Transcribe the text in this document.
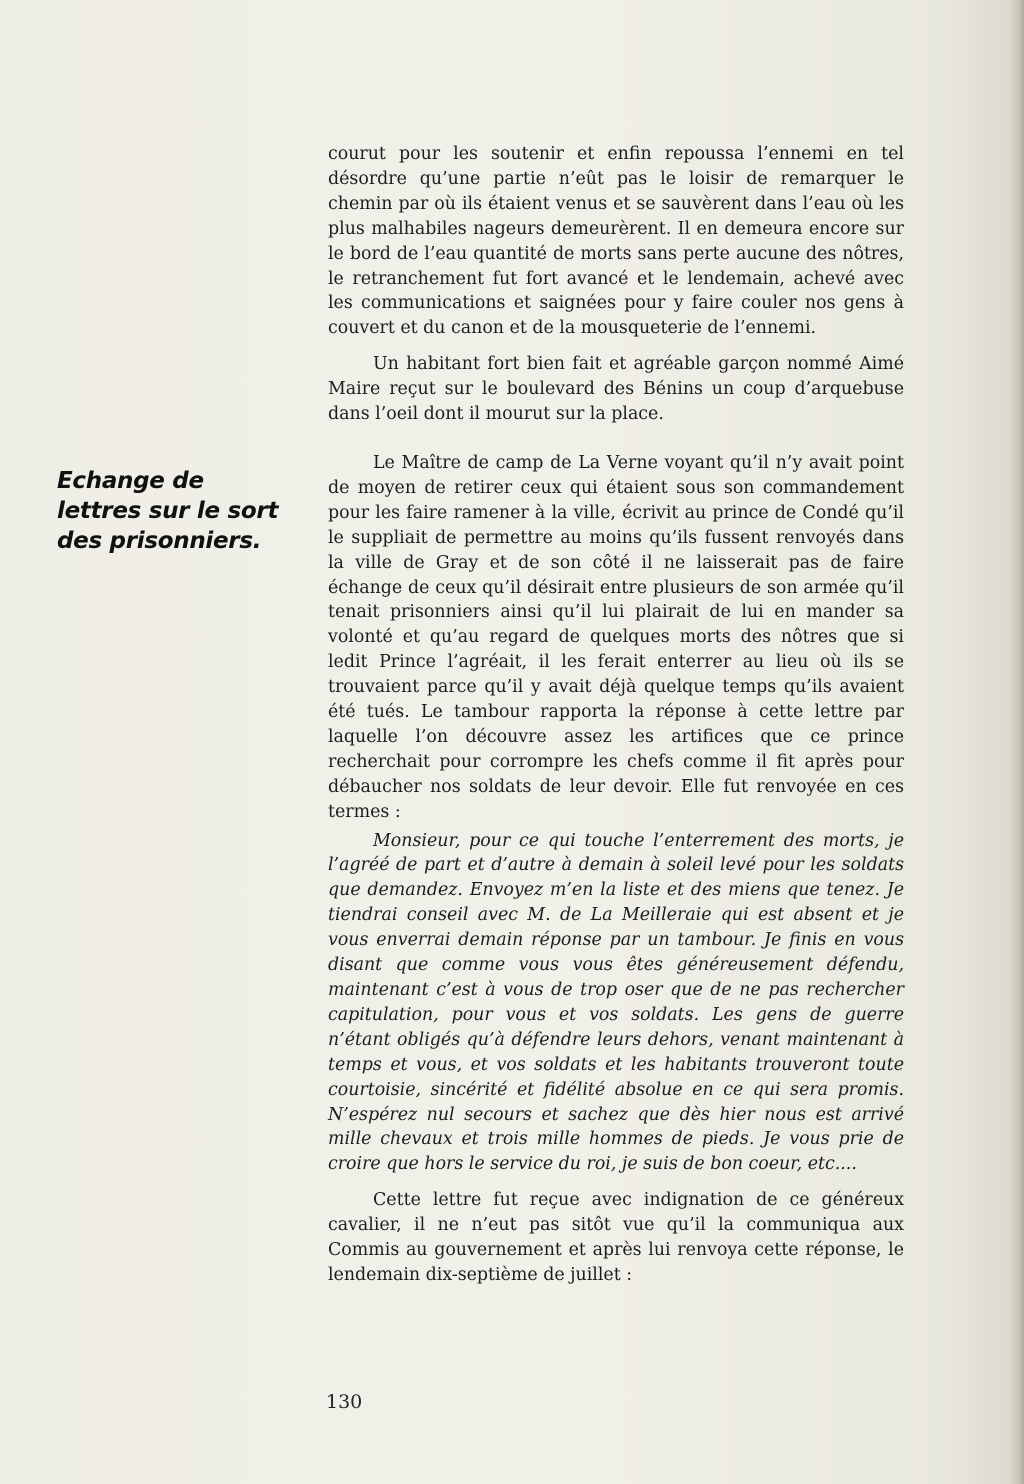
Echange de
lettres sur le sort
des prisonniers.

courut pour les soutenir et enfin repoussa l’ennemi en tel désordre qu’une partie n’eût pas le loisir de remarquer le chemin par où ils étaient venus et se sauvèrent dans l’eau où les plus malhabiles nageurs demeurèrent. Il en demeura encore sur le bord de l’eau quantité de morts sans perte aucune des nôtres, le retranchement fut fort avancé et le lendemain, achevé avec les communications et saignées pour y faire couler nos gens à couvert et du canon et de la mousqueterie de l’ennemi.

Un habitant fort bien fait et agréable garçon nommé Aimé Maire reçut sur le boulevard des Bénins un coup d’arquebuse dans l’oeil dont il mourut sur la place.

Le Maître de camp de La Verne voyant qu’il n’y avait point de moyen de retirer ceux qui étaient sous son commandement pour les faire ramener à la ville, écrivit au prince de Condé qu’il le suppliait de permettre au moins qu’ils fussent renvoyés dans la ville de Gray et de son côté il ne laisserait pas de faire échange de ceux qu’il désirait entre plusieurs de son armée qu’il tenait prisonniers ainsi qu’il lui plairait de lui en mander sa volonté et qu’au regard de quelques morts des nôtres que si ledit Prince l’agréait, il les ferait enterrer au lieu où ils se trouvaient parce qu’il y avait déjà quelque temps qu’ils avaient été tués. Le tambour rapporta la réponse à cette lettre par laquelle l’on découvre assez les artifices que ce prince recherchait pour corrompre les chefs comme il fit après pour débaucher nos soldats de leur devoir. Elle fut renvoyée en ces termes :

Monsieur, pour ce qui touche l’enterrement des morts, je l’agréé de part et d’autre à demain à soleil levé pour les soldats que demandez. Envoyez m’en la liste et des miens que tenez. Je tiendrai conseil avec M. de La Meilleraie qui est absent et je vous enverrai demain réponse par un tambour. Je finis en vous disant que comme vous vous êtes généreusement défendu, maintenant c’est à vous de trop oser que de ne pas rechercher capitulation, pour vous et vos soldats. Les gens de guerre n’étant obligés qu’à défendre leurs dehors, venant maintenant à temps et vous, et vos soldats et les habitants trouveront toute courtoisie, sincérité et fidélité absolue en ce qui sera promis. N’espérez nul secours et sachez que dès hier nous est arrivé mille chevaux et trois mille hommes de pieds. Je vous prie de croire que hors le service du roi, je suis de bon coeur, etc....

Cette lettre fut reçue avec indignation de ce généreux cavalier, il ne n’eut pas sitôt vue qu’il la communiqua aux Commis au gouvernement et après lui renvoya cette réponse, le lendemain dix-septième de juillet :

130
